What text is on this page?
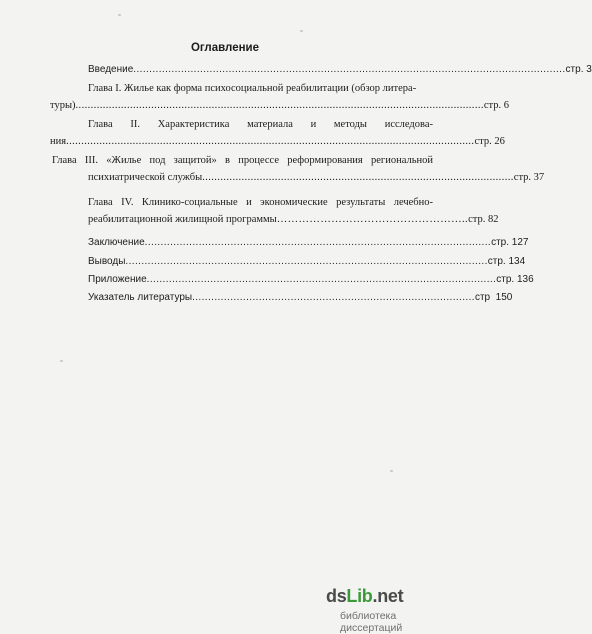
Оглавление
Введение ........................................................................................................................................ стр. 3
Глава I. Жилье как форма психосоциальной реабилитации (обзор литера-
туры) ....................................................................................................................................... стр. 6
Глава II. Характеристика материала и методы исследова-
ния ....................................................................................................................................... стр. 26
Глава III. «Жилье под защитой» в процессе реформирования региональной
психиатрической службы ....................................................................................................... стр. 37
Глава IV. Клинико-социальные и экономические результаты лечебно-
реабилитационной жилищной программы …………………………………………….. стр. 82
Заключение ............................................................................................................. стр. 127
Выводы .................................................................................................................. стр. 134
Приложение .............................................................................................................. стр. 136
Указатель литературы ......................................................................................... стр  150
dsLib.net
библиотека диссертаций
